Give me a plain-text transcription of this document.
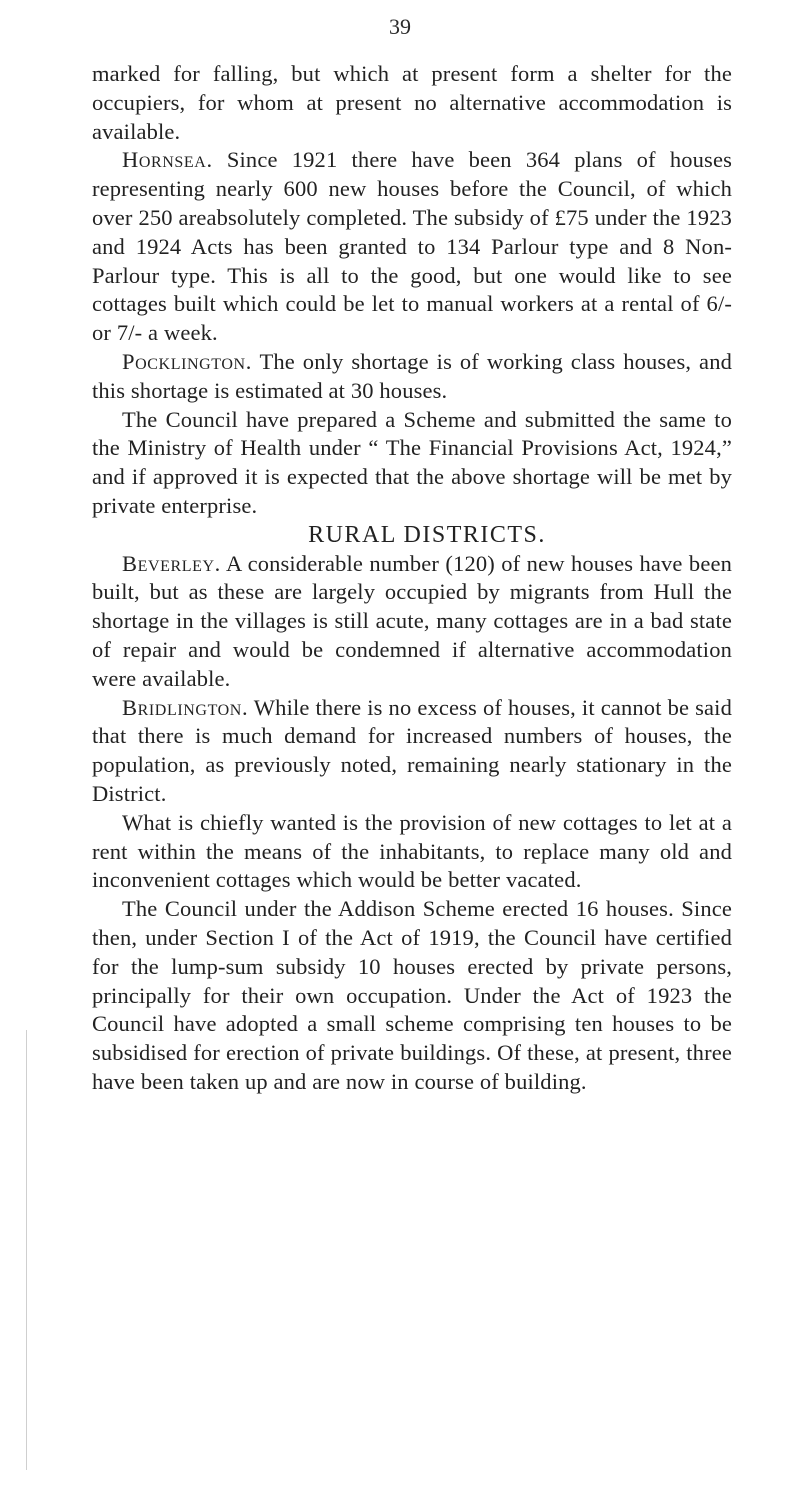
39

marked for falling, but which at present form a shelter for the occupiers, for whom at present no alternative accommodation is available.

Hornsea. Since 1921 there have been 364 plans of houses representing nearly 600 new houses before the Council, of which over 250 areabsolutely completed. The subsidy of £75 under the 1923 and 1924 Acts has been granted to 134 Parlour type and 8 Non-Parlour type. This is all to the good, but one would like to see cottages built which could be let to manual workers at a rental of 6/- or 7/- a week.

Pocklington. The only shortage is of working class houses, and this shortage is estimated at 30 houses.

The Council have prepared a Scheme and submitted the same to the Ministry of Health under “ The Financial Provisions Act, 1924,” and if approved it is expected that the above shortage will be met by private enterprise.

RURAL DISTRICTS.

Beverley. A considerable number (120) of new houses have been built, but as these are largely occupied by migrants from Hull the shortage in the villages is still acute, many cottages are in a bad state of repair and would be condemned if alternative accommodation were available.

Bridlington. While there is no excess of houses, it cannot be said that there is much demand for increased numbers of houses, the population, as previously noted, remaining nearly stationary in the District.

What is chiefly wanted is the provision of new cottages to let at a rent within the means of the inhabitants, to replace many old and inconvenient cottages which would be better vacated.

The Council under the Addison Scheme erected 16 houses. Since then, under Section I of the Act of 1919, the Council have certified for the lump-sum subsidy 10 houses erected by private persons, principally for their own occupation. Under the Act of 1923 the Council have adopted a small scheme comprising ten houses to be subsidised for erection of private buildings. Of these, at present, three have been taken up and are now in course of building.
